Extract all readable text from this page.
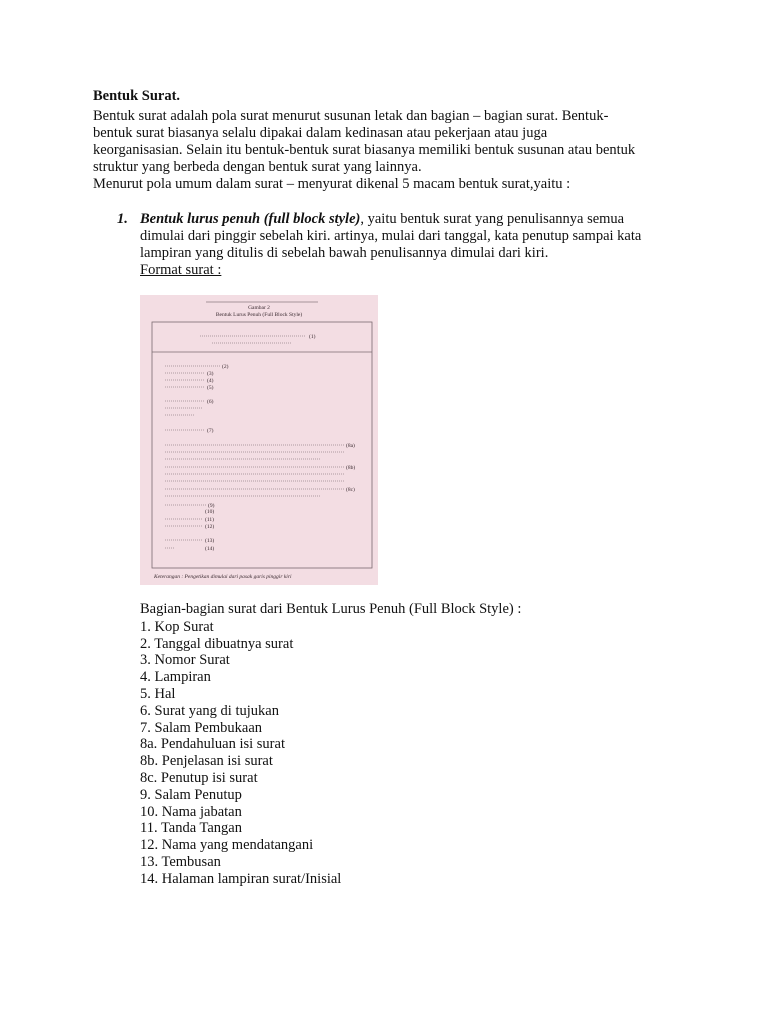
Bentuk Surat.
Bentuk surat adalah pola surat menurut susunan letak dan bagian – bagian surat. Bentuk-
bentuk surat biasanya selalu dipakai dalam kedinasan atau pekerjaan atau juga
keorganisasian. Selain itu bentuk-bentuk surat biasanya memiliki bentuk susunan atau bentuk
struktur yang berbeda dengan bentuk surat yang lainnya.
Menurut pola umum dalam surat – menyurat dikenal 5 macam bentuk surat,yaitu :
1. Bentuk lurus penuh (full block style), yaitu bentuk surat yang penulisannya semua
dimulai dari pinggir sebelah kiri. artinya, mulai dari tanggal, kata penutup sampai kata
lampiran yang ditulis di sebelah bawah penulisannya dimulai dari kiri.
Format surat :
Gambar 2
Bentuk Lurus Penuh (Full Block Style)
(1)
(2)
(3)
(4)
(5)
(6)
(7)
(8a)
(8b)
(8c)
(9)
(10)
(11)
(12)
(13)
(14)
Keterangan : Pengetikan dimulai dari pasak garis pinggir kiri
Bagian-bagian surat dari Bentuk Lurus Penuh (Full Block Style) :
1. Kop Surat
2. Tanggal dibuatnya surat
3. Nomor Surat
4. Lampiran
5. Hal
6. Surat yang di tujukan
7. Salam Pembukaan
8a. Pendahuluan isi surat
8b. Penjelasan isi surat
8c. Penutup isi surat
9. Salam Penutup
10. Nama jabatan
11. Tanda Tangan
12. Nama yang mendatangani
13. Tembusan
14. Halaman lampiran surat/Inisial
